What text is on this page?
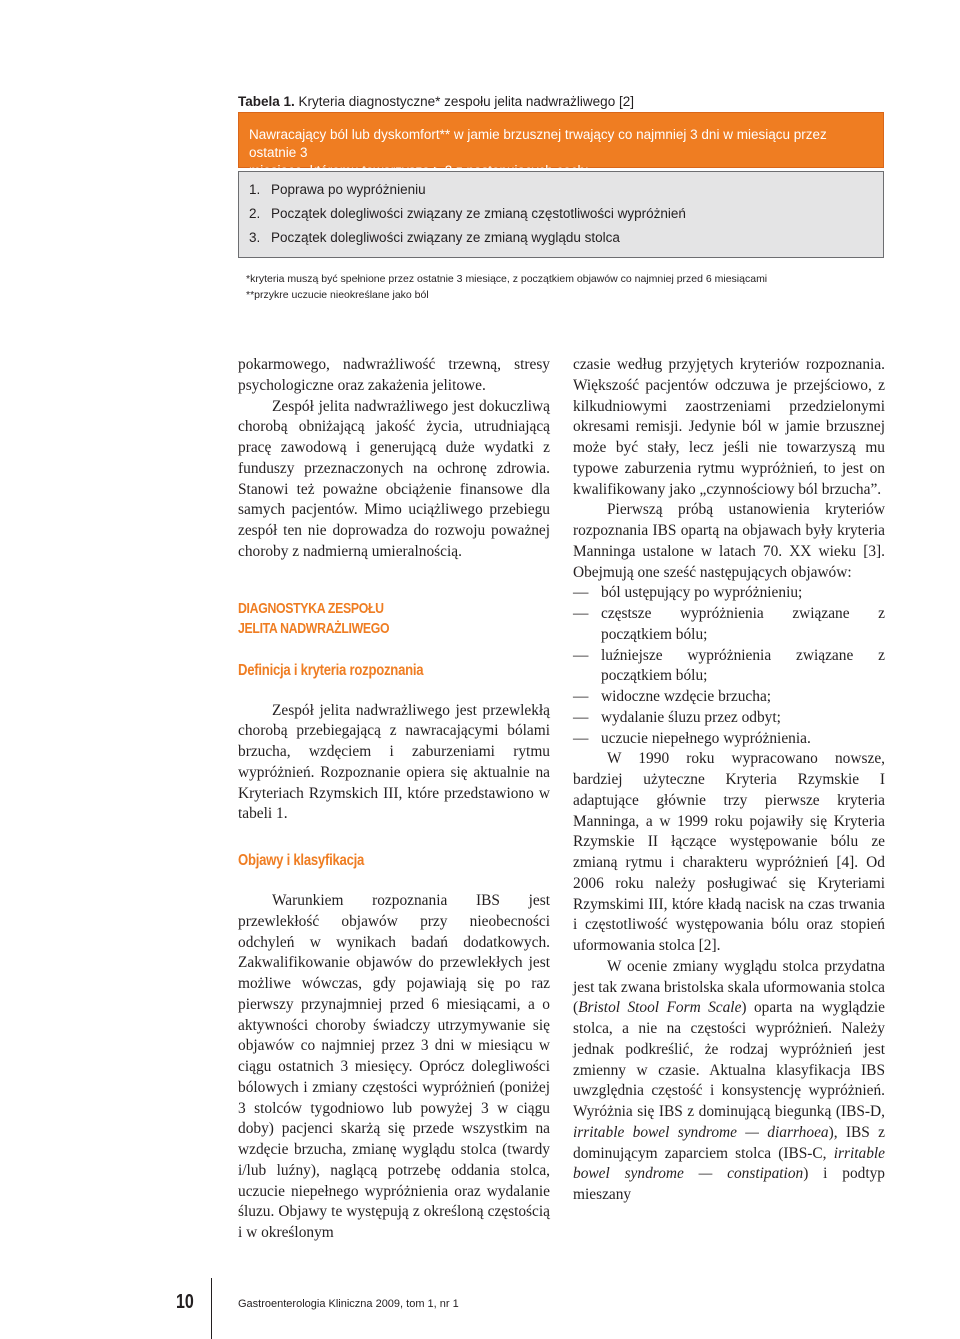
Tabela 1. Kryteria diagnostyczne* zespołu jelita nadwrażliwego [2]
Nawracający ból lub dyskomfort** w jamie brzusznej trwający co najmniej 3 dni w miesiącu przez ostatnie 3
1. Poprawa po wypróżnieniu
2. Początek dolegliwości związany ze zmianą częstotliwości wypróżnień
3. Początek dolegliwości związany ze zmianą wyglądu stolca
*kryteria muszą być spełnione przez ostatnie 3 miesiące, z początkiem objawów co najmniej przed 6 miesiącami
**przykre uczucie nieokreślane jako ból

pokarmowego, nadwrażliwość trzewną, stresy psychologiczne oraz zakażenia jelitowe.

Zespół jelita nadwrażliwego jest dokuczliwą chorobą obniżającą jakość życia, utrudniającą pracę zawodową i generującą duże wydatki z funduszy przeznaczonych na ochronę zdrowia. Stanowi też poważne obciążenie finansowe dla samych pacjentów. Mimo uciążliwego przebiegu zespół ten nie doprowadza do rozwoju poważnej choroby z nadmierną umieralnością.

DIAGNOSTYKA ZESPOŁU
JELITA NADWRAŻLIWEGO
Definicja i kryteria rozpoznania

Zespół jelita nadwrażliwego jest przewlekłą chorobą przebiegającą z nawracającymi bólami brzucha, wzdęciem i zaburzeniami rytmu wypróżnień. Rozpoznanie opiera się aktualnie na Kryteriach Rzymskich III, które przedstawiono w tabeli 1.

Objawy i klasyfikacja

Warunkiem rozpoznania IBS jest przewlekłość objawów przy nieobecności odchyleń w wynikach badań dodatkowych. Zakwalifikowanie objawów do przewlekłych jest możliwe wówczas, gdy pojawiają się po raz pierwszy przynajmniej przed 6 miesiącami, a o aktywności choroby świadczy utrzymywanie się objawów co najmniej przez 3 dni w miesiącu w ciągu ostatnich 3 miesięcy. Oprócz dolegliwości bólowych i zmiany częstości wypróżnień (poniżej 3 stolców tygodniowo lub powyżej 3 w ciągu doby) pacjenci skarżą się przede wszystkim na wzdęcie brzucha, zmianę wyglądu stolca (twardy i/lub luźny), naglącą potrzebę oddania stolca, uczucie niepełnego wypróżnienia oraz wydalanie śluzu. Objawy te występują z określoną częstością i w określonym

czasie według przyjętych kryteriów rozpoznania. Większość pacjentów odczuwa je przejściowo, z kilkudniowymi zaostrzeniami przedzielonymi okresami remisji. Jedynie ból w jamie brzusznej może być stały, lecz jeśli nie towarzyszą mu typowe zaburzenia rytmu wypróżnień, to jest on kwalifikowany jako „czynnościowy ból brzucha”.

Pierwszą próbą ustanowienia kryteriów rozpoznania IBS opartą na objawach były kryteria Manninga ustalone w latach 70. XX wieku [3]. Obejmują one sześć następujących objawów:

— ból ustępujący po wypróżnieniu;
— częstsze wypróżnienia związane z początkiem bólu;
— luźniejsze wypróżnienia związane z początkiem bólu;
— widoczne wzdęcie brzucha;
— wydalanie śluzu przez odbyt;
— uczucie niepełnego wypróżnienia.

W 1990 roku wypracowano nowsze, bardziej użyteczne Kryteria Rzymskie I adaptujące głównie trzy pierwsze kryteria Manninga, a w 1999 roku pojawiły się Kryteria Rzymskie II łączące występowanie bólu ze zmianą rytmu i charakteru wypróżnień [4]. Od 2006 roku należy posługiwać się Kryteriami Rzymskimi III, które kładą nacisk na czas trwania i częstotliwość występowania bólu oraz stopień uformowania stolca [2].

W ocenie zmiany wyglądu stolca przydatna jest tak zwana bristolska skala uformowania stolca (Bristol Stool Form Scale) oparta na wyglądzie stolca, a nie na częstości wypróżnień. Należy jednak podkreślić, że rodzaj wypróżnień jest zmienny w czasie. Aktualna klasyfikacja IBS uwzględnia częstość i konsystencję wypróżnień. Wyróżnia się IBS z dominującą biegunką (IBS-D, irritable bowel syndrome — diarrhoea), IBS z dominującym zaparciem stolca (IBS-C, irritable bowel syndrome — constipation) i podtyp mieszany

10	Gastroenterologia Kliniczna 2009, tom 1, nr 1
